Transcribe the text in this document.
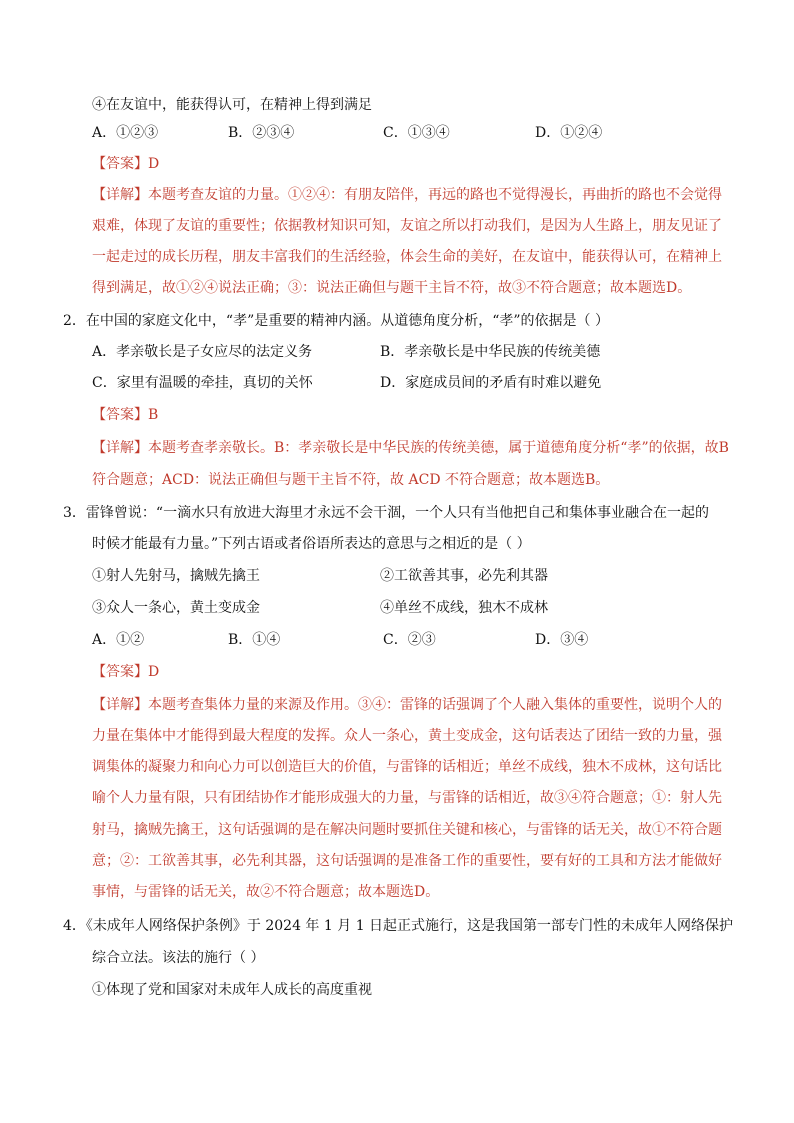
④在友谊中，能获得认可，在精神上得到满足
A．①②③	B．②③④	C．①③④	D．①②④
【答案】D
【详解】本题考查友谊的力量。①②④：有朋友陪伴，再远的路也不觉得漫长，再曲折的路也不会觉得
艰难，体现了友谊的重要性；依据教材知识可知，友谊之所以打动我们，是因为人生路上，朋友见证了
一起走过的成长历程，朋友丰富我们的生活经验，体会生命的美好，在友谊中，能获得认可，在精神上
得到满足，故①②④说法正确；③：说法正确但与题干主旨不符，故③不符合题意；故本题选D。
2．在中国的家庭文化中，“孝”是重要的精神内涵。从道德角度分析，“孝”的依据是（ ）
A．孝亲敬长是子女应尽的法定义务	B．孝亲敬长是中华民族的传统美德
C．家里有温暖的牵挂，真切的关怀	D．家庭成员间的矛盾有时难以避免
【答案】B
【详解】本题考查孝亲敬长。B：孝亲敬长是中华民族的传统美德，属于道德角度分析“孝”的依据，故B
符合题意；ACD：说法正确但与题干主旨不符，故 ACD 不符合题意；故本题选B。
3．雷锋曾说：“一滴水只有放进大海里才永远不会干涸，一个人只有当他把自己和集体事业融合在一起的
时候才能最有力量。”下列古语或者俗语所表达的意思与之相近的是（ ）
①射人先射马，擒贼先擒王	②工欲善其事，必先利其器
③众人一条心，黄土变成金	④单丝不成线，独木不成林
A．①②	B．①④	C．②③	D．③④
【答案】D
【详解】本题考查集体力量的来源及作用。③④：雷锋的话强调了个人融入集体的重要性，说明个人的
力量在集体中才能得到最大程度的发挥。众人一条心，黄土变成金，这句话表达了团结一致的力量，强
调集体的凝聚力和向心力可以创造巨大的价值，与雷锋的话相近；单丝不成线，独木不成林，这句话比
喻个人力量有限，只有团结协作才能形成强大的力量，与雷锋的话相近，故③④符合题意；①：射人先
射马，擒贼先擒王，这句话强调的是在解决问题时要抓住关键和核心，与雷锋的话无关，故①不符合题
意；②：工欲善其事，必先利其器，这句话强调的是准备工作的重要性，要有好的工具和方法才能做好
事情，与雷锋的话无关，故②不符合题意；故本题选D。
4．《未成年人网络保护条例》于 2024 年 1 月 1 日起正式施行，这是我国第一部专门性的未成年人网络保护
综合立法。该法的施行（ ）
①体现了党和国家对未成年人成长的高度重视
